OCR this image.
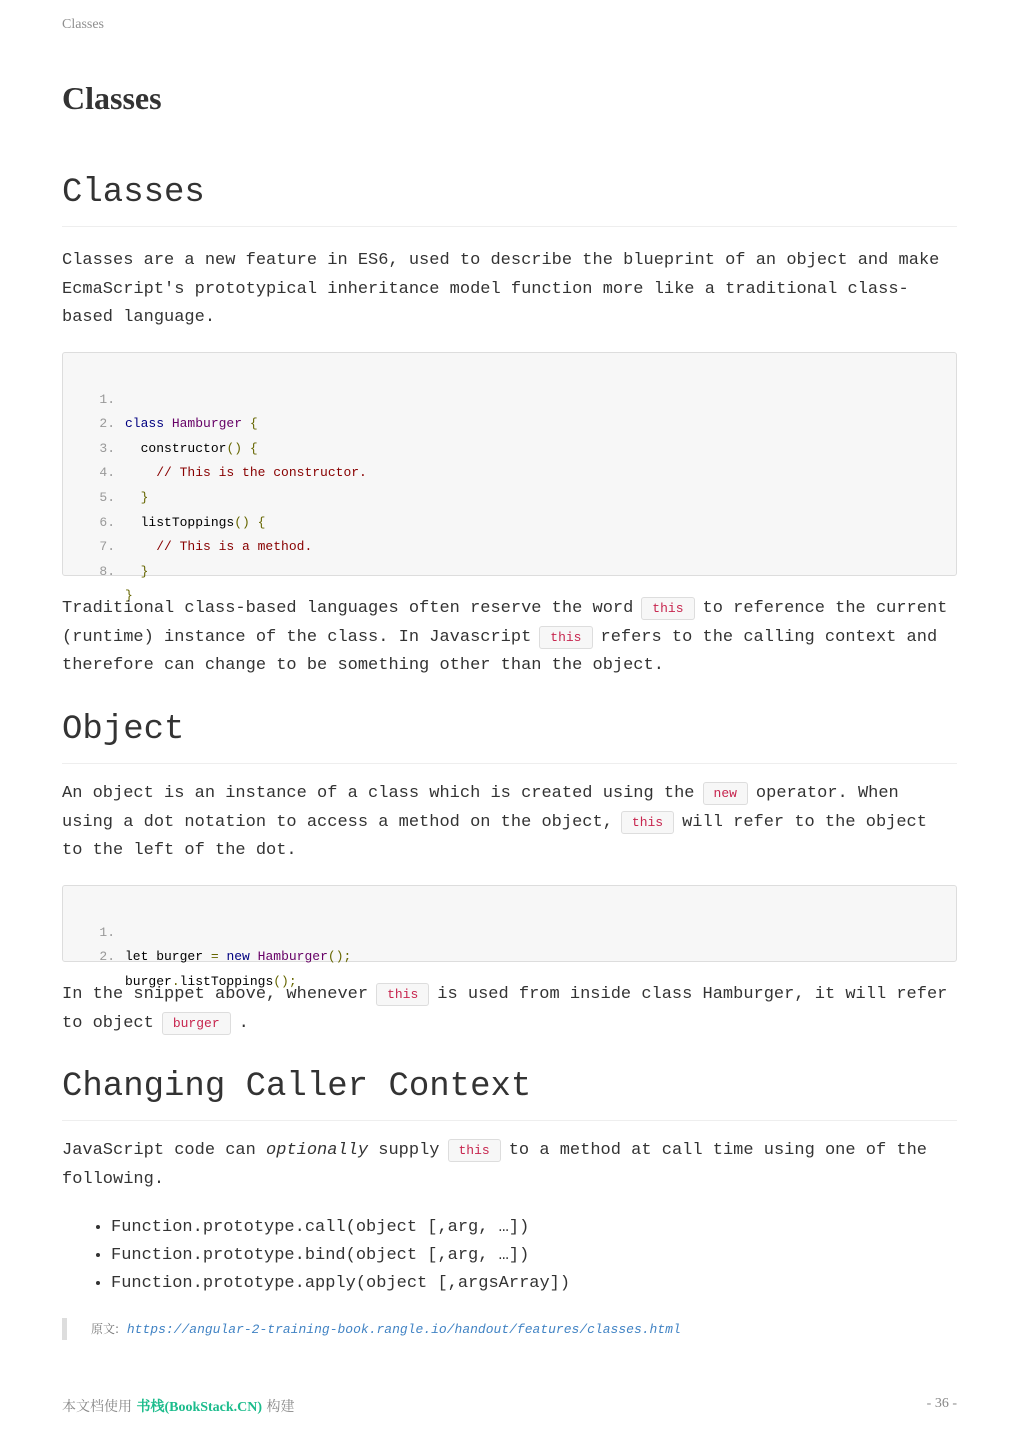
Classes
Classes
Classes

Classes are a new feature in ES6, used to describe the blueprint of an object and make EcmaScript's prototypical inheritance model function more like a traditional class-based language.

1.

class Hamburger {

2.

constructor() {

3.

// This is the constructor.

4.

}

5.

listToppings() {

6.

// This is a method.

7.

}

8.

}

Traditional class-based languages often reserve the word this to reference the current (runtime) instance of the class. In Javascript this refers to the calling context and therefore can change to be something other than the object.

Object

An object is an instance of a class which is created using the new operator. When using a dot notation to access a method on the object, this will refer to the object to the left of the dot.

1.

let burger = new Hamburger();

2.

burger.listToppings();

In the snippet above, whenever this is used from inside class Hamburger, it will refer to object burger .

Changing Caller Context

JavaScript code can optionally supply this to a method at call time using one of the following.

• Function.prototype.call(object [,arg, …])
• Function.prototype.bind(object [,arg, …])
• Function.prototype.apply(object [,argsArray])
原文: https://angular-2-training-book.rangle.io/handout/features/classes.html
本文档使用 书栈(BookStack.CN) 构建	- 36 -
